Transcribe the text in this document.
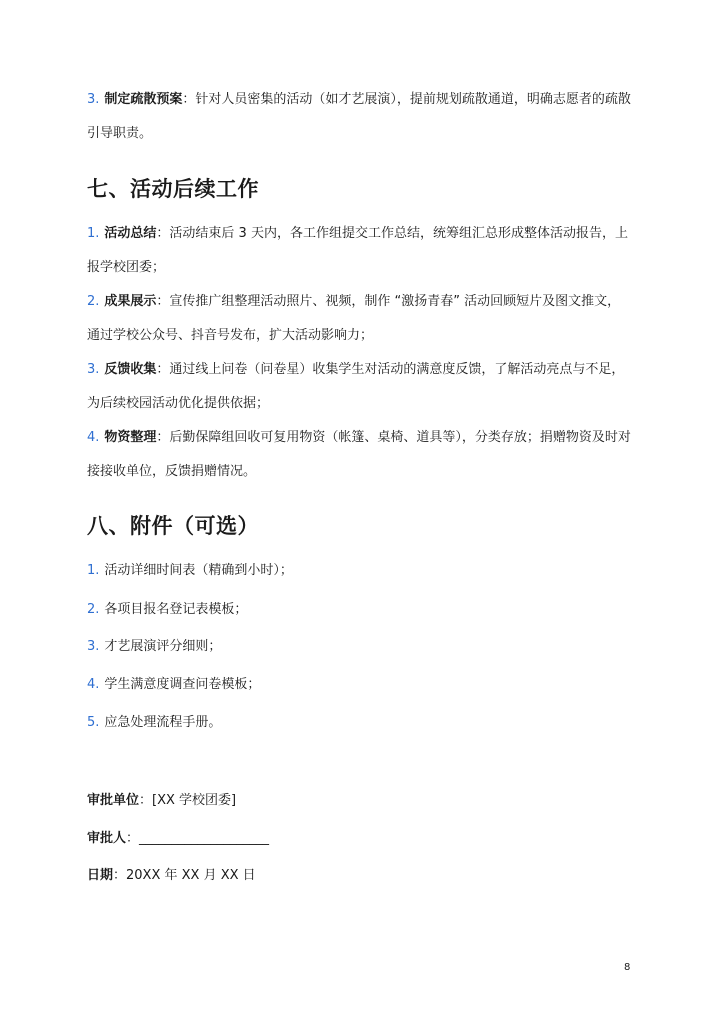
3. 制定疏散预案：针对人员密集的活动（如才艺展演），提前规划疏散通道，明确志愿者的疏散引导职责。

七、活动后续工作

1. 活动总结：活动结束后 3 天内，各工作组提交工作总结，统筹组汇总形成整体活动报告，上报学校团委；

2. 成果展示：宣传推广组整理活动照片、视频，制作 “激扬青春” 活动回顾短片及图文推文，通过学校公众号、抖音号发布，扩大活动影响力；

3. 反馈收集：通过线上问卷（问卷星）收集学生对活动的满意度反馈，了解活动亮点与不足，为后续校园活动优化提供依据；

4. 物资整理：后勤保障组回收可复用物资（帐篷、桌椅、道具等），分类存放；捐赠物资及时对接接收单位，反馈捐赠情况。

八、附件（可选）

1. 活动详细时间表（精确到小时）；

2. 各项目报名登记表模板；

3. 才艺展演评分细则；

4. 学生满意度调查问卷模板；

5. 应急处理流程手册。

审批单位：[XX 学校团委]

审批人：____________________

日期：20XX 年 XX 月 XX 日

8
